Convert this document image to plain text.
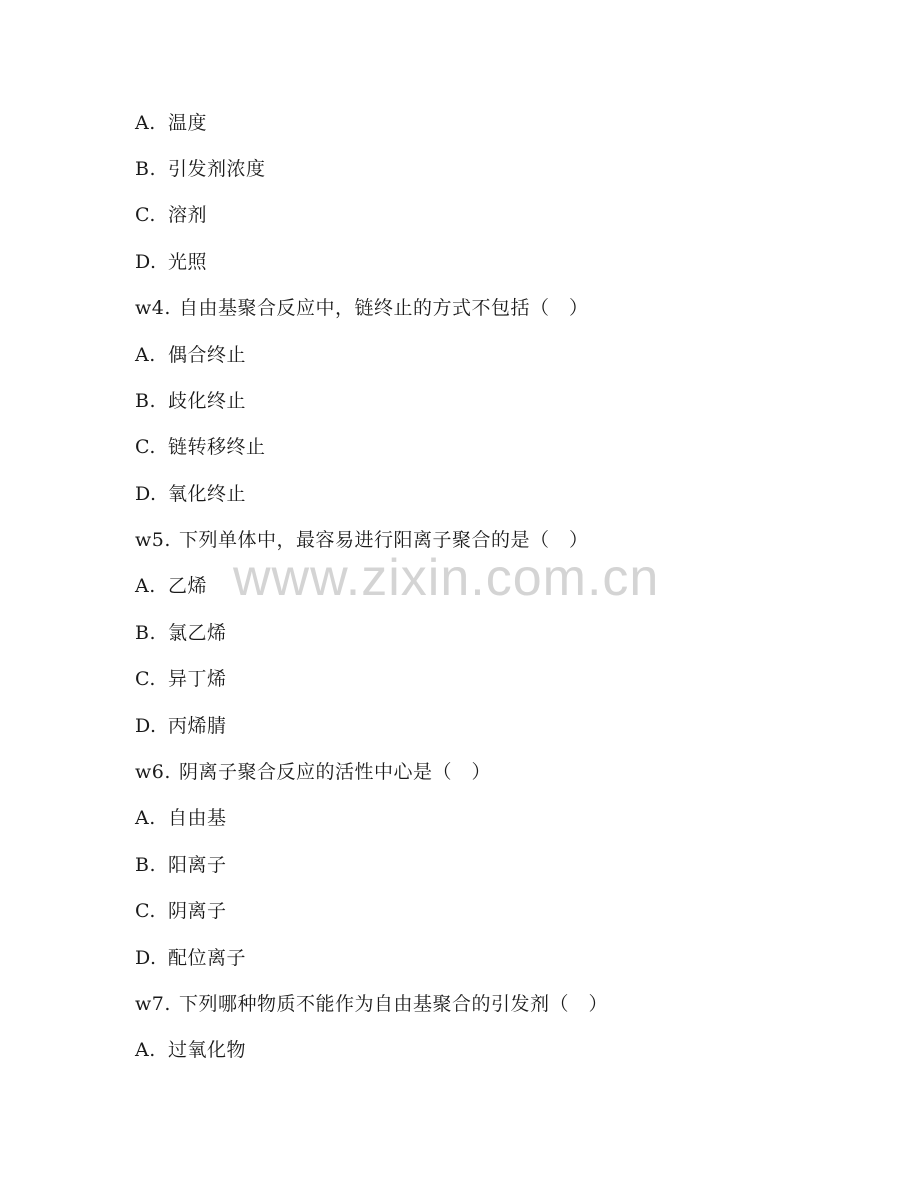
A. 温度
B. 引发剂浓度
C. 溶剂
D. 光照
w4. 自由基聚合反应中，链终止的方式不包括（　）
A. 偶合终止
B. 歧化终止
C. 链转移终止
D. 氧化终止
w5. 下列单体中，最容易进行阳离子聚合的是（　）
A. 乙烯
B. 氯乙烯
C. 异丁烯
D. 丙烯腈
w6. 阴离子聚合反应的活性中心是（　）
A. 自由基
B. 阳离子
C. 阴离子
D. 配位离子
w7. 下列哪种物质不能作为自由基聚合的引发剂（　）
A. 过氧化物
www.zixin.com.cn
